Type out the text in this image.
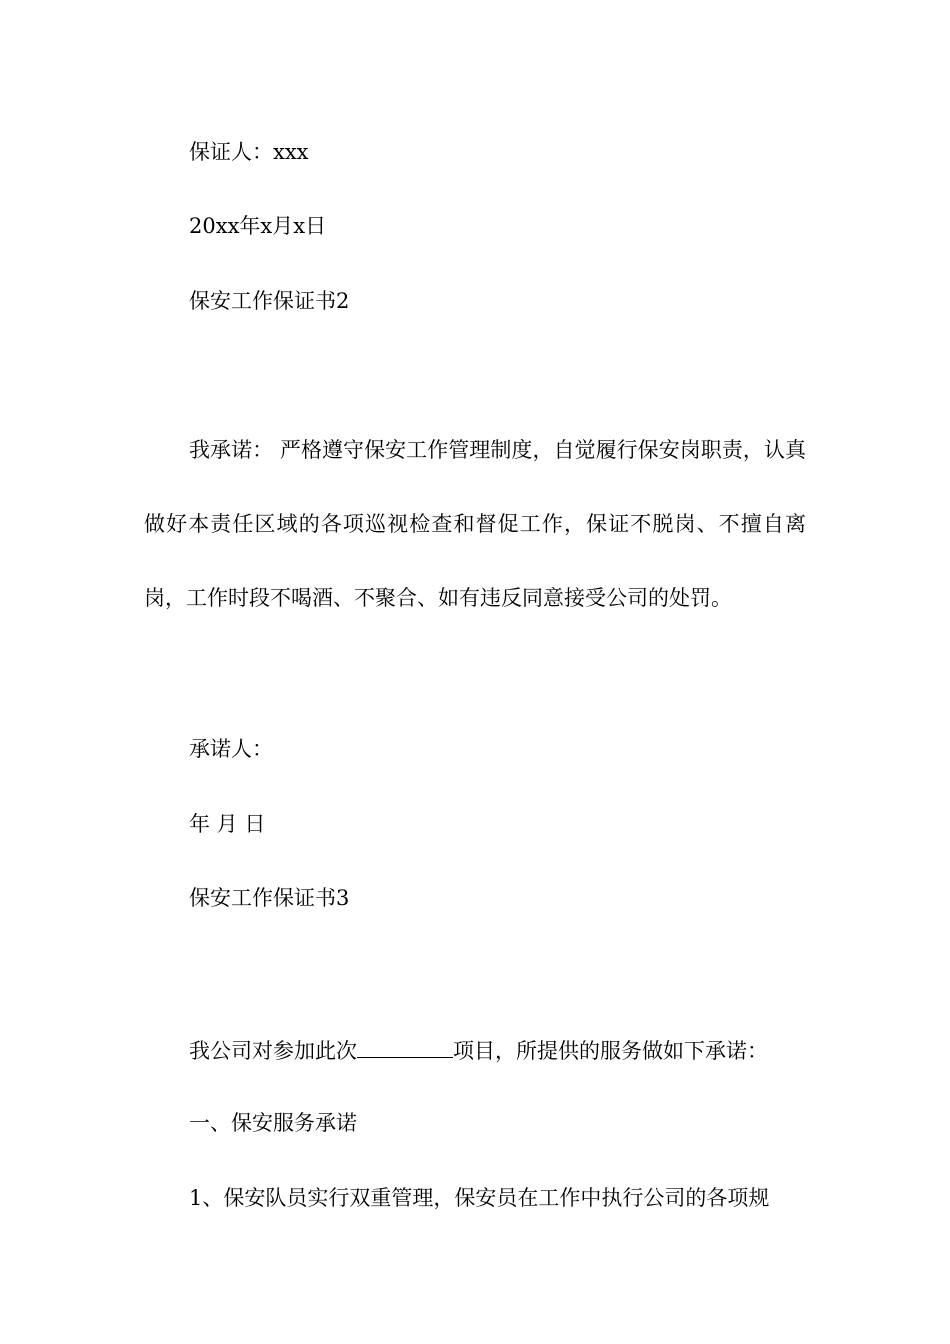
保证人：xxx
20xx年x月x日
保安工作保证书2
我承诺： 严格遵守保安工作管理制度，自觉履行保安岗职责，认真做好本责任区域的各项巡视检查和督促工作，保证不脱岗、不擅自离岗，工作时段不喝酒、不聚合、如有违反同意接受公司的处罚。
承诺人：
年 月 日
保安工作保证书3
我公司对参加此次	项目，所提供的服务做如下承诺：
一、保安服务承诺
1、保安队员实行双重管理，保安员在工作中执行公司的各项规
